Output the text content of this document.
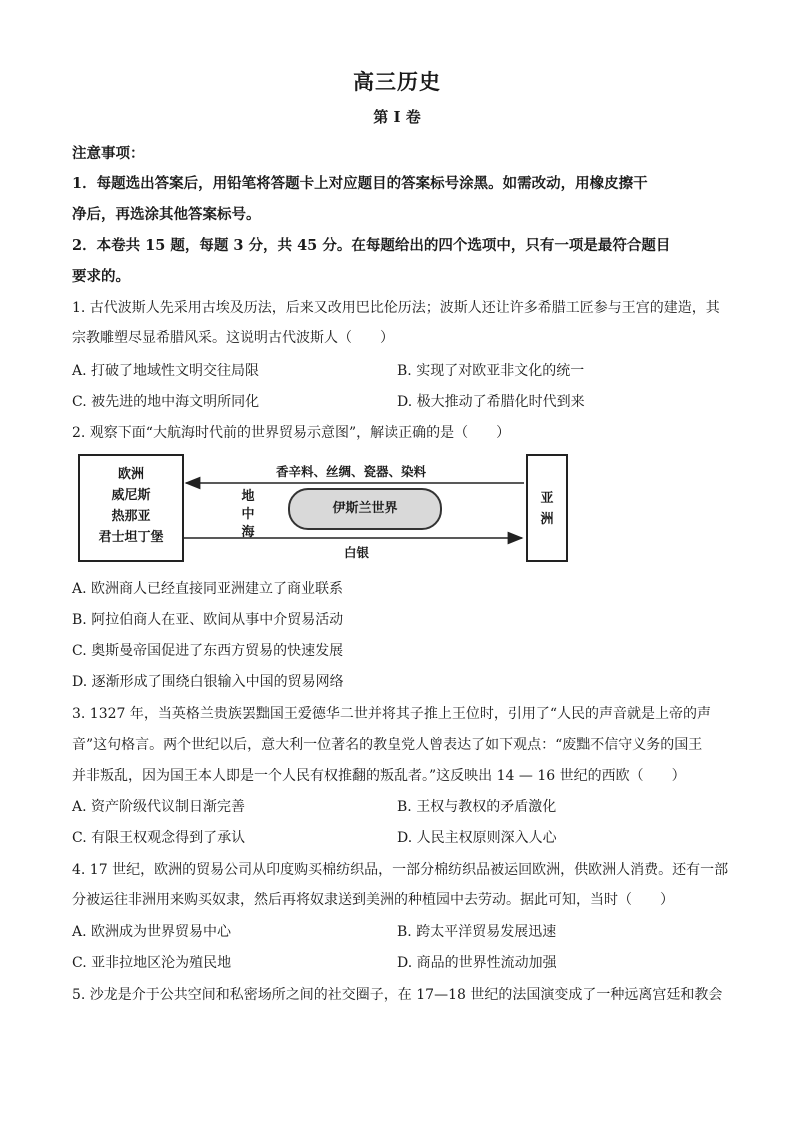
高三历史
第 I 卷
注意事项：
1．每题选出答案后，用铅笔将答题卡上对应题目的答案标号涂黑。如需改动，用橡皮擦干
净后，再选涂其他答案标号。
2．本卷共 15 题，每题 3 分，共 45 分。在每题给出的四个选项中，只有一项是最符合题目
要求的。
1. 古代波斯人先采用古埃及历法，后来又改用巴比伦历法；波斯人还让许多希腊工匠参与王宫的建造，其
宗教雕塑尽显希腊风采。这说明古代波斯人（　　）
A. 打破了地域性文明交往局限	B. 实现了对欧亚非文化的统一
C. 被先进的地中海文明所同化	D. 极大推动了希腊化时代到来
2. 观察下面“大航海时代前的世界贸易示意图”，解读正确的是（　　）
欧洲
威尼斯
热那亚
君士坦丁堡
亚
洲
香辛料、丝绸、瓷器、染料
地
中
海
伊斯兰世界
白银
A. 欧洲商人已经直接同亚洲建立了商业联系
B. 阿拉伯商人在亚、欧间从事中介贸易活动
C. 奥斯曼帝国促进了东西方贸易的快速发展
D. 逐渐形成了围绕白银输入中国的贸易网络
3. 1327 年，当英格兰贵族罢黜国王爱德华二世并将其子推上王位时，引用了“人民的声音就是上帝的声
音”这句格言。两个世纪以后，意大利一位著名的教皇党人曾表达了如下观点：“废黜不信守义务的国王
并非叛乱，因为国王本人即是一个人民有权推翻的叛乱者。”这反映出 14 — 16 世纪的西欧（　　）
A. 资产阶级代议制日渐完善	B. 王权与教权的矛盾激化
C. 有限王权观念得到了承认	D. 人民主权原则深入人心
4. 17 世纪，欧洲的贸易公司从印度购买棉纺织品，一部分棉纺织品被运回欧洲，供欧洲人消费。还有一部
分被运往非洲用来购买奴隶，然后再将奴隶送到美洲的种植园中去劳动。据此可知，当时（　　）
A. 欧洲成为世界贸易中心	B. 跨太平洋贸易发展迅速
C. 亚非拉地区沦为殖民地	D. 商品的世界性流动加强
5. 沙龙是介于公共空间和私密场所之间的社交圈子，在 17—18 世纪的法国演变成了一种远离宫廷和教会
